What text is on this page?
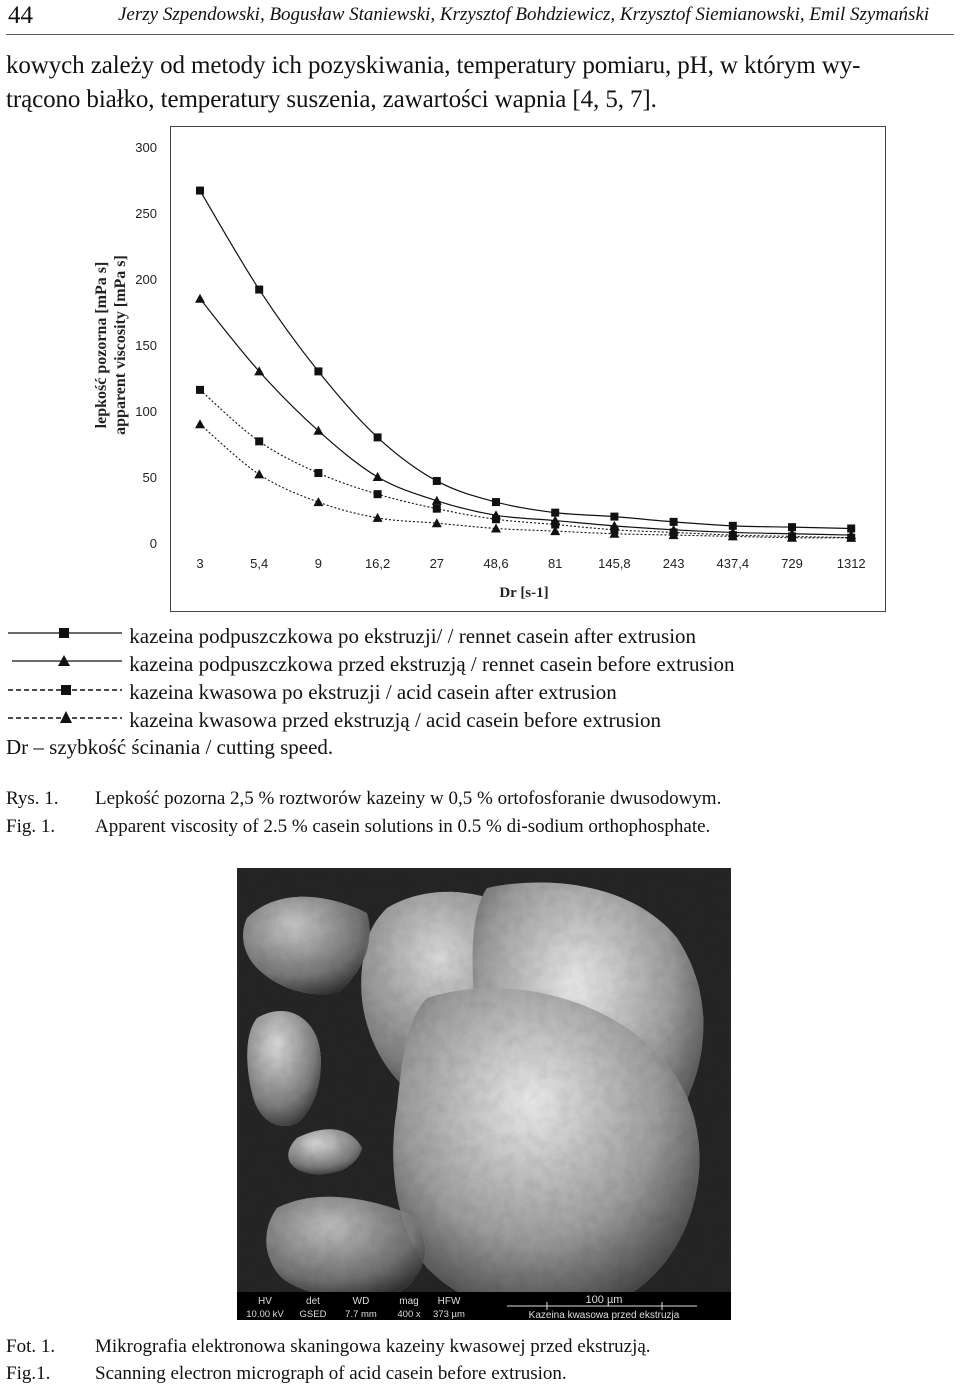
44	Jerzy Szpendowski, Bogusław Staniewski, Krzysztof Bohdziewicz, Krzysztof Siemianowski, Emil Szymański
kowych zależy od metody ich pozyskiwania, temperatury pomiaru, pH, w którym wy-
trącono białko, temperatury suszenia, zawartości wapnia [4, 5, 7].
lepkość pozorna [mPa s] apparent viscosity [mPa s]
Dr [s-1]
0
50
100
150
200
250
300
3	5,4	9	16,2	27	48,6	81	145,8 243 437,4 729	1312
kazeina podpuszczkowa po ekstruzji/ / rennet casein after extrusion
kazeina podpuszczkowa przed ekstruzją / rennet casein before extrusion
kazeina kwasowa po ekstruzji / acid casein after extrusion
kazeina kwasowa przed ekstruzją / acid casein before extrusion
Dr – szybkość ścinania / cutting speed.
Rys. 1. Lepkość pozorna 2,5 % roztworów kazeiny w 0,5 % ortofosforanie dwusodowym.
Fig. 1. Apparent viscosity of 2.5 % casein solutions in 0.5 % di-sodium orthophosphate.
HV
10.00 kV
det
GSED
WD
7.7 mm
mag
400 x
HFW
373 µm
100 µm
Kazeina kwasowa przed ekstruzja
Fot. 1. Mikrografia elektronowa skaningowa kazeiny kwasowej przed ekstruzją.
Fig.1. Scanning electron micrograph of acid casein before extrusion.
